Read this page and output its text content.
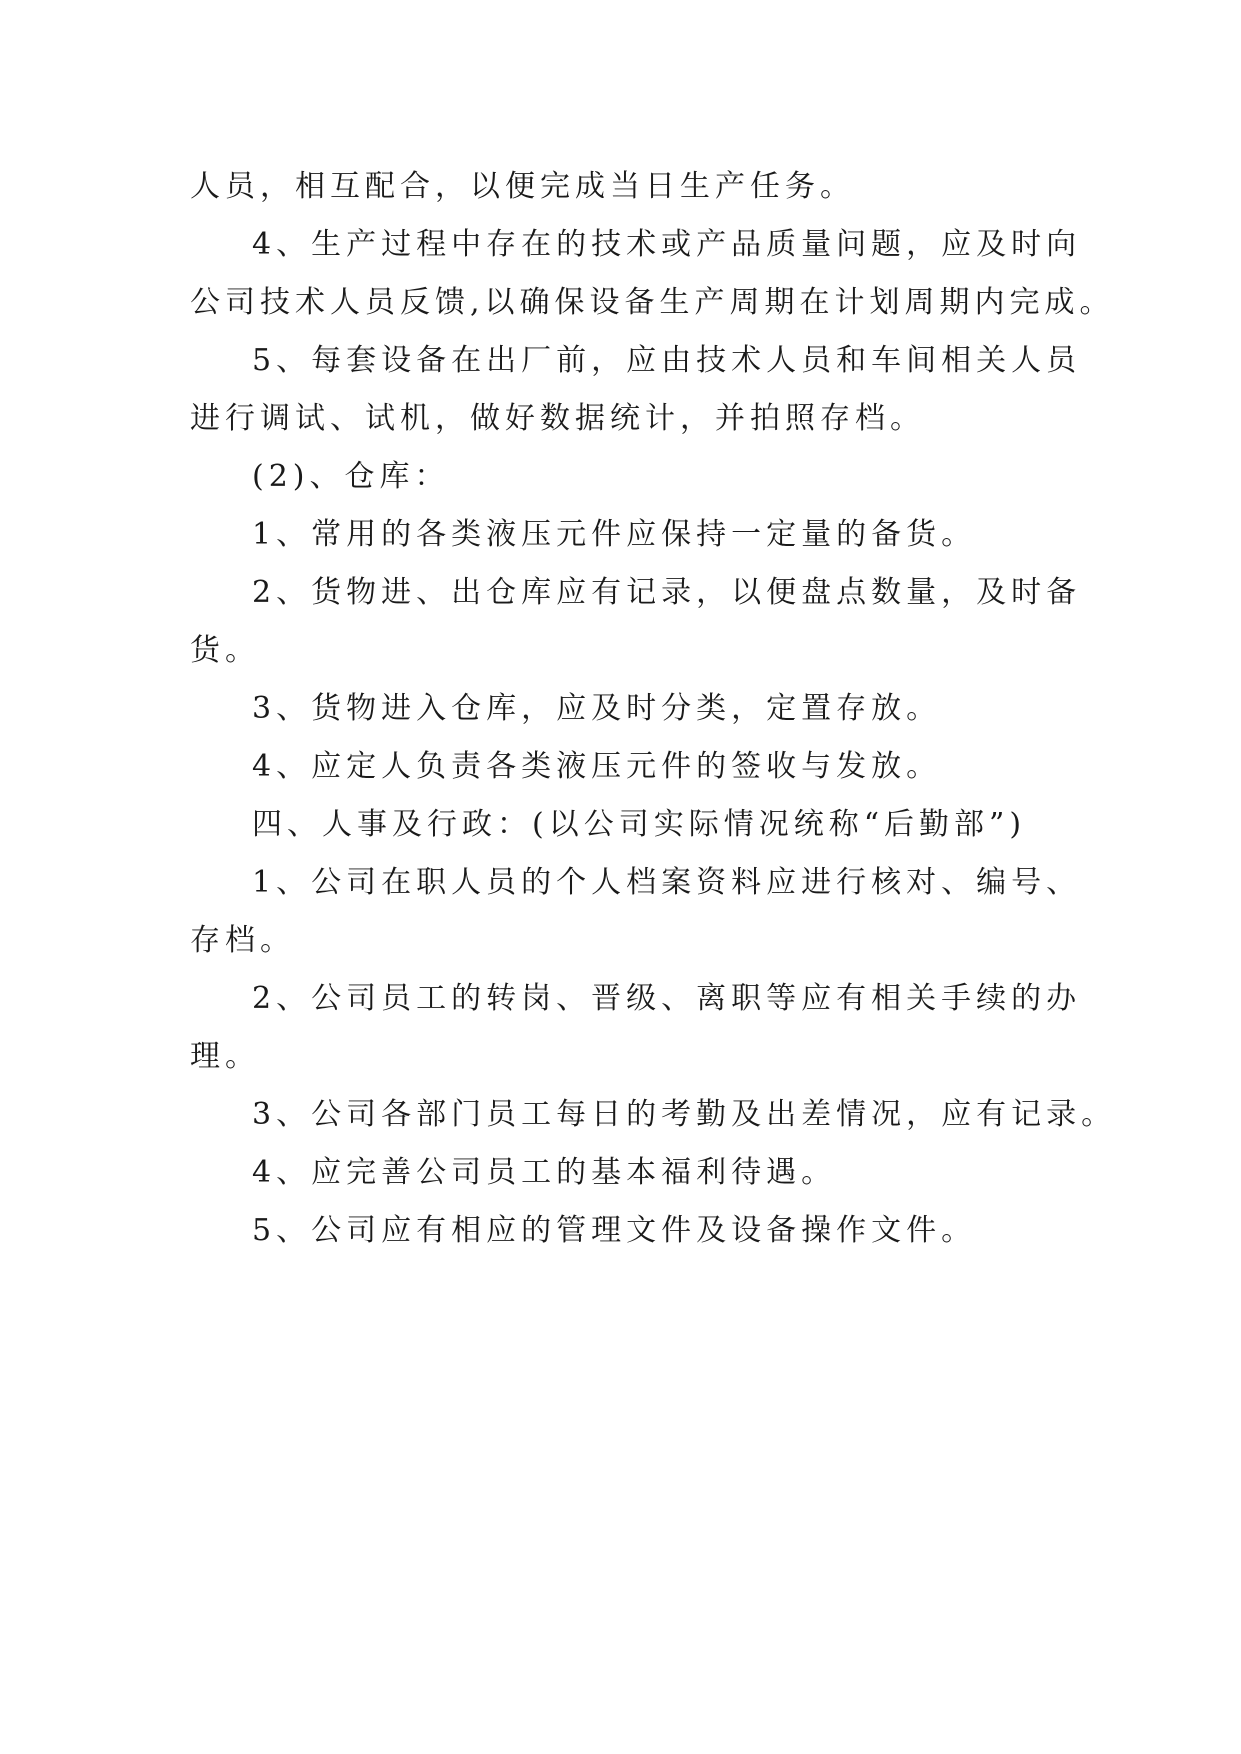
人员，相互配合，以便完成当日生产任务。
4、生产过程中存在的技术或产品质量问题，应及时向
公司技术人员反馈,以确保设备生产周期在计划周期内完成。
5、每套设备在出厂前，应由技术人员和车间相关人员
进行调试、试机，做好数据统计，并拍照存档。
(2)、仓库：
1、常用的各类液压元件应保持一定量的备货。
2、货物进、出仓库应有记录，以便盘点数量，及时备
货。
3、货物进入仓库，应及时分类，定置存放。
4、应定人负责各类液压元件的签收与发放。
四、人事及行政：(以公司实际情况统称“后勤部”)
1、公司在职人员的个人档案资料应进行核对、编号、
存档。
2、公司员工的转岗、晋级、离职等应有相关手续的办
理。
3、公司各部门员工每日的考勤及出差情况，应有记录。
4、应完善公司员工的基本福利待遇。
5、公司应有相应的管理文件及设备操作文件。
